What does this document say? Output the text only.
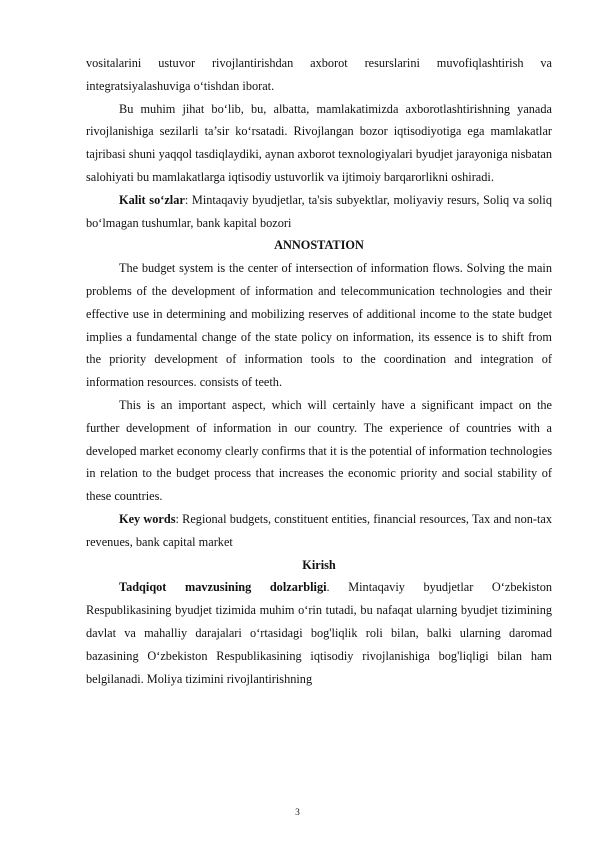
vositalarini ustuvor rivojlantirishdan axborot resurslarini muvofiqlashtirish va integratsiyalashuviga o‘tishdan iborat.

Bu muhim jihat bo‘lib, bu, albatta, mamlakatimizda axborotlashtirishning yanada rivojlanishiga sezilarli ta’sir ko‘rsatadi. Rivojlangan bozor iqtisodiyotiga ega mamlakatlar tajribasi shuni yaqqol tasdiqlaydiki, aynan axborot texnologiyalari byudjet jarayoniga nisbatan salohiyati bu mamlakatlarga iqtisodiy ustuvorlik va ijtimoiy barqarorlikni oshiradi.

Kalit so‘zlar: Mintaqaviy byudjetlar, ta'sis subyektlar, moliyaviy resurs, Soliq va soliq bo‘lmagan tushumlar, bank kapital bozori

ANNOSTATION

The budget system is the center of intersection of information flows. Solving the main problems of the development of information and telecommunication technologies and their effective use in determining and mobilizing reserves of additional income to the state budget implies a fundamental change of the state policy on information, its essence is to shift from the priority development of information tools to the coordination and integration of information resources. consists of teeth.

This is an important aspect, which will certainly have a significant impact on the further development of information in our country. The experience of countries with a developed market economy clearly confirms that it is the potential of information technologies in relation to the budget process that increases the economic priority and social stability of these countries.

Key words: Regional budgets, constituent entities, financial resources, Tax and non-tax revenues, bank capital market

Kirish

Tadqiqot mavzusining dolzarbligi. Mintaqaviy byudjetlar O‘zbekiston Respublikasining byudjet tizimida muhim o‘rin tutadi, bu nafaqat ularning byudjet tizimining davlat va mahalliy darajalari o‘rtasidagi bog'liqlik roli bilan, balki ularning daromad bazasining O‘zbekiston Respublikasining iqtisodiy rivojlanishiga bog'liqligi bilan ham belgilanadi. Moliya tizimini rivojlantirishning

3
